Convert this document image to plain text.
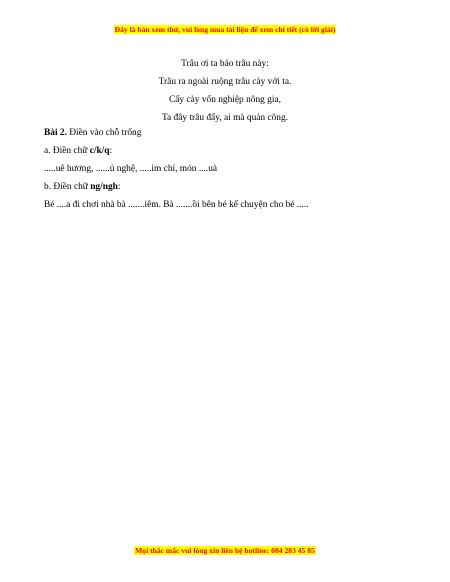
Đây là bản xem thử, vui lòng mua tài liệu để xem chi tiết (có lời giải)
Trâu ơi ta bảo trâu này:
Trâu ra ngoài ruộng trâu cày với ta.
Cấy cày vốn nghiệp nông gia,
Ta đây trâu đấy, ai mà quản công.
Bài 2. Điền vào chỗ trống
a. Điền chữ c/k/q:
.....uê hương, ......ủ nghệ, .....im chỉ, món ....uà
b. Điền chữ ng/ngh:
Bé ....a đi chơi nhà bà .......iêm. Bà .......ồi bên bé kể chuyện cho bé .....
Mọi thắc mắc vui lòng xin liên hệ hotline: 084 283 45 85
